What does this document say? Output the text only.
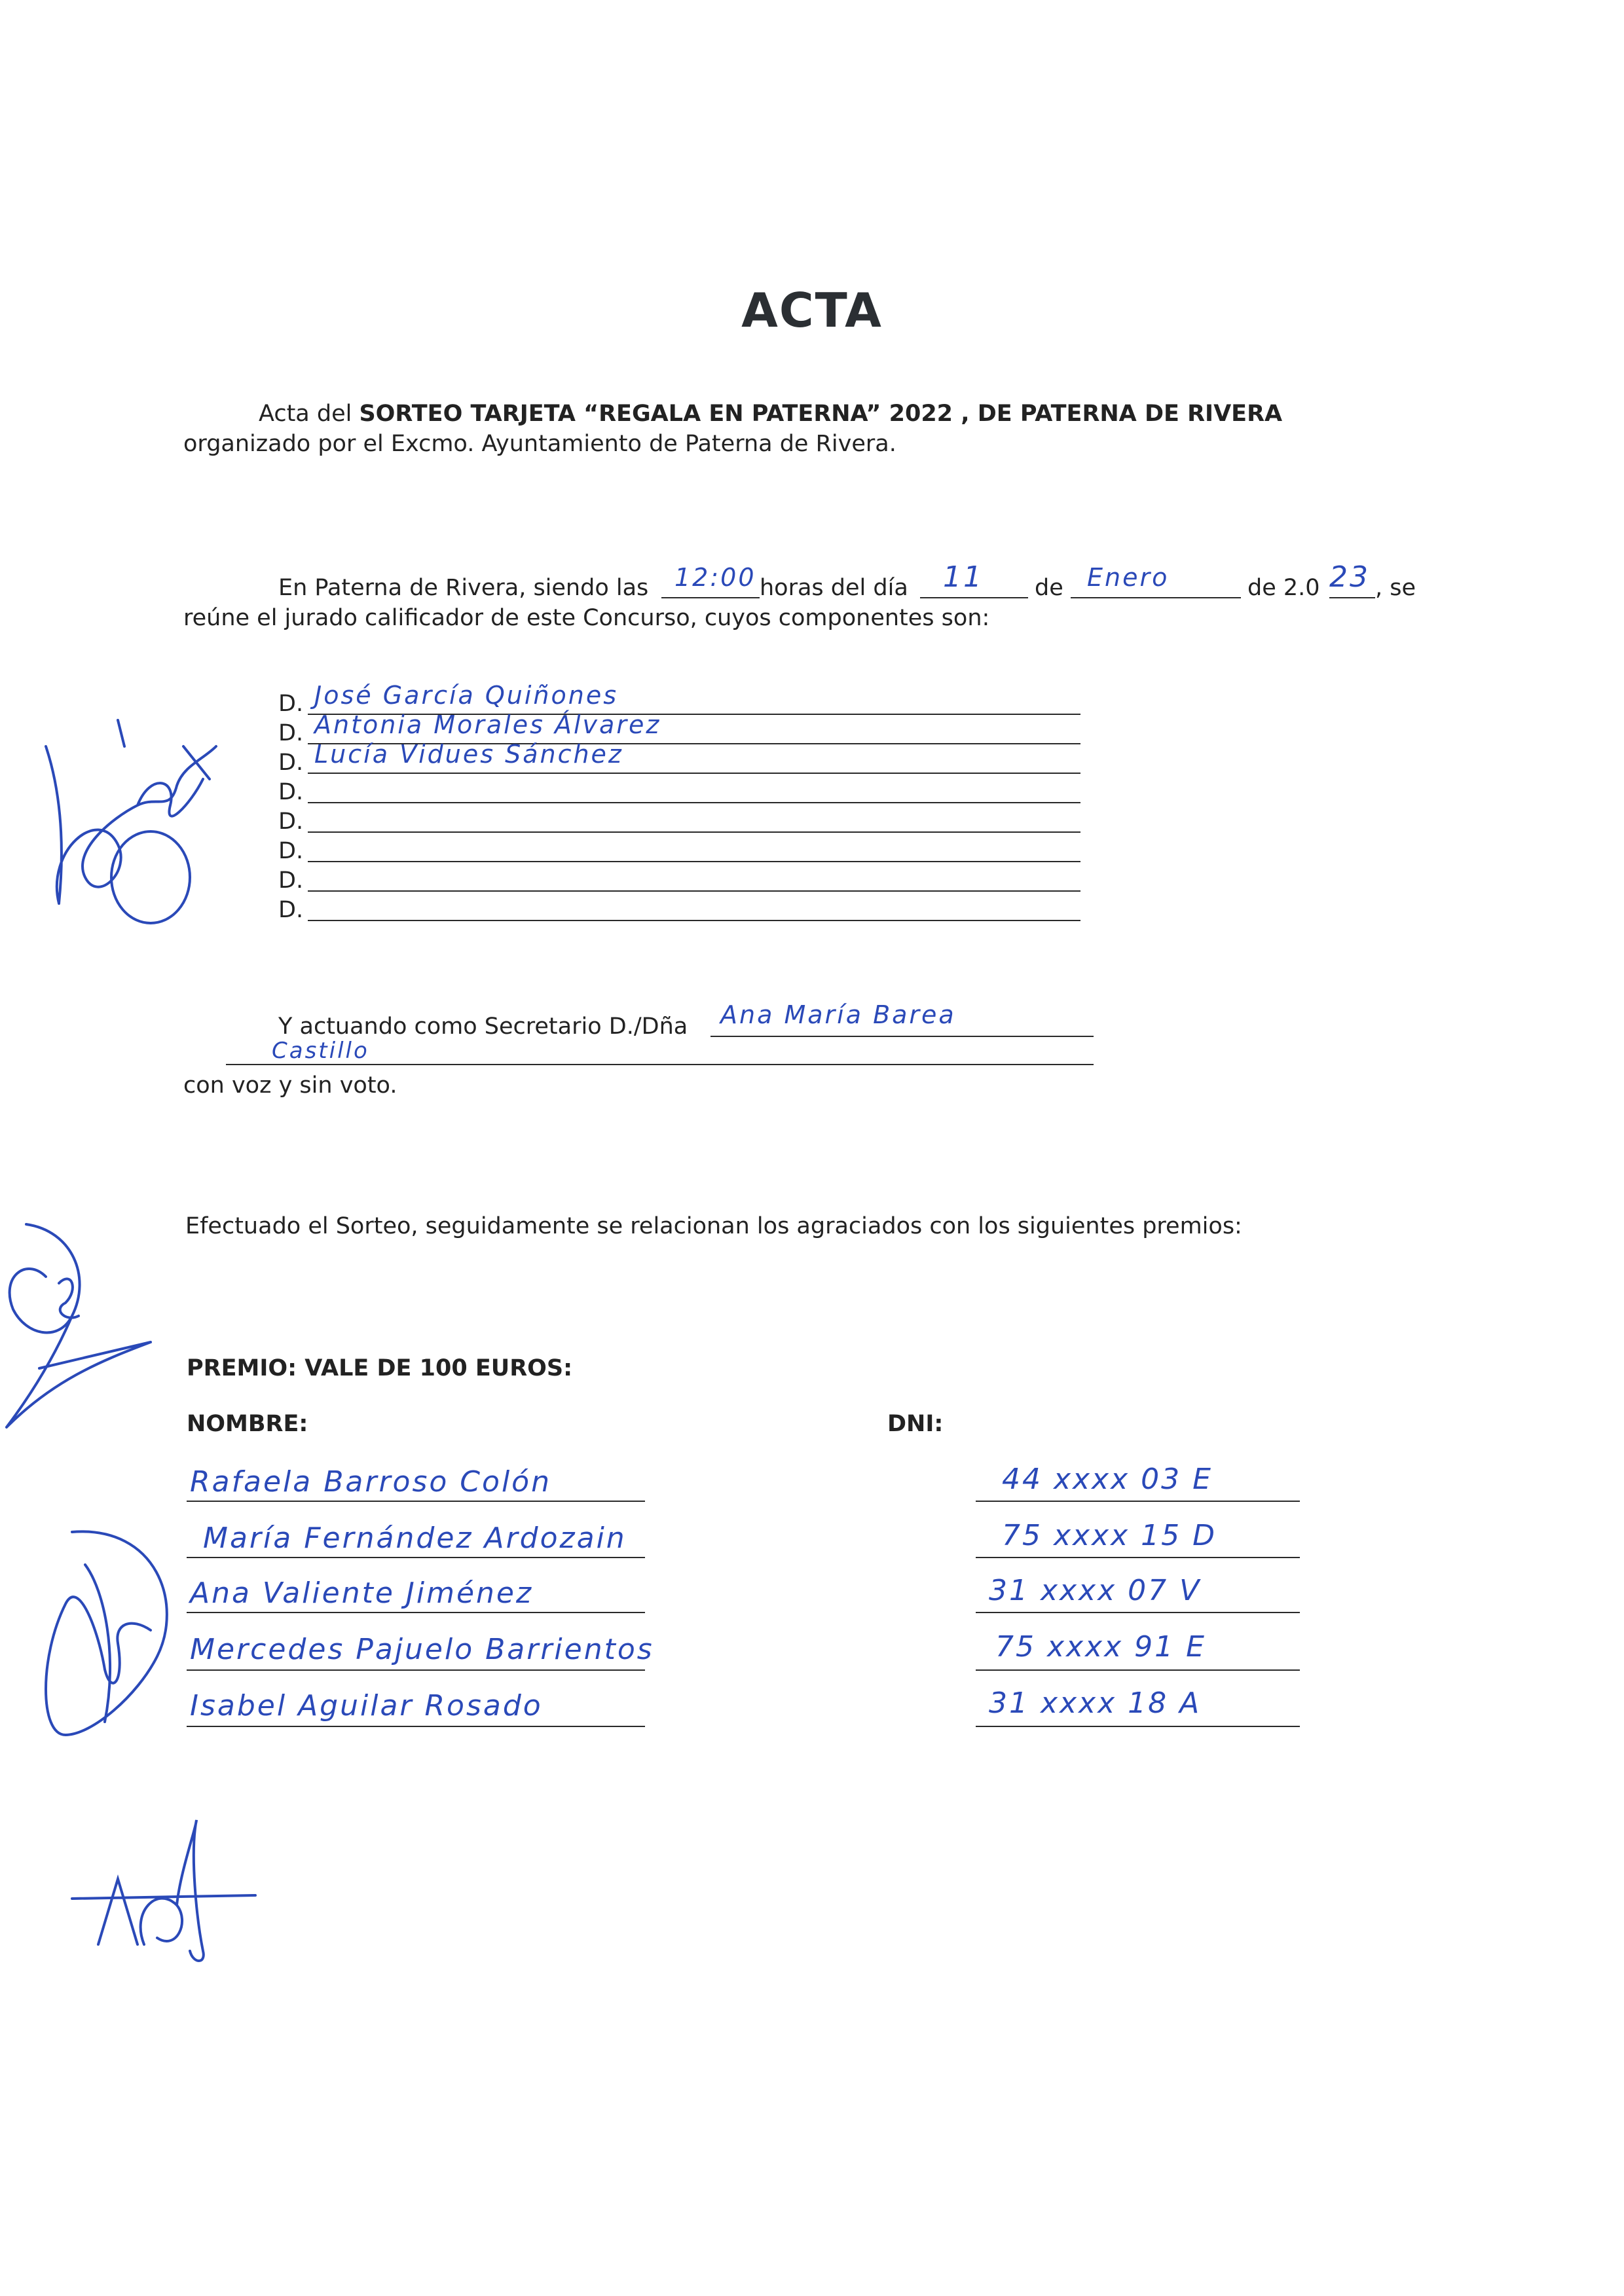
ACTA
Acta del SORTEO TARJETA “REGALA EN PATERNA” 2022 , DE PATERNA DE RIVERA
organizado por el Excmo. Ayuntamiento de Paterna de Rivera.
En Paterna de Rivera, siendo las 12:00 horas del día 11 de Enero	de 2.0 23 , se
reúne el jurado calificador de este Concurso, cuyos componentes son:
D. José García Quiñones
D. Antonia Morales Álvarez
D. Lucía Vidues Sánchez
D.
D.
D.
D.
D.
Y actuando como Secretario D./Dña Ana María Barea
Castillo
con voz y sin voto.
Efectuado el Sorteo, seguidamente se relacionan los agraciados con los siguientes premios:
PREMIO: VALE DE 100 EUROS:
NOMBRE:	DNI:
Rafaela Barroso Colón	44 xxxx 03 E
María Fernández Ardozain	75 xxxx 15 D
Ana Valiente Jiménez	31 xxxx 07 V
Mercedes Pajuelo Barrientos	75 xxxx 91 E
Isabel Aguilar Rosado	31 xxxx 18 A
